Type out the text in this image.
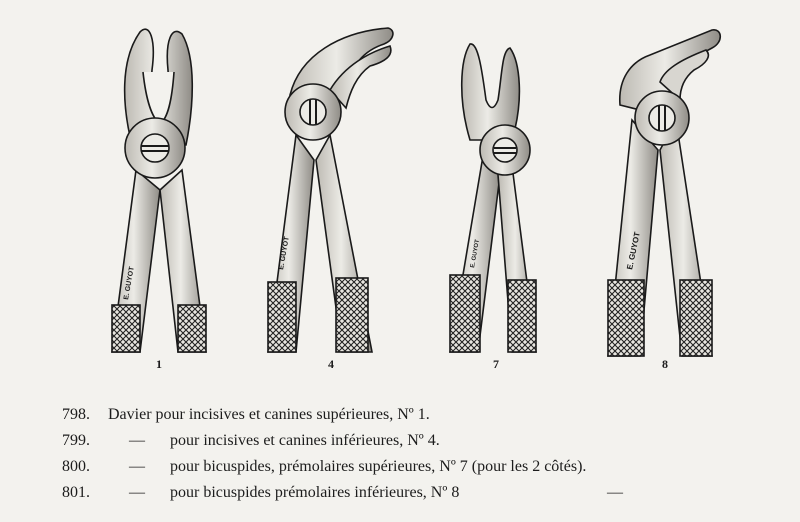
E. GUYOT
E. GUYOT	E. GUYOT	E. GUYOT
1	4	7	8
798. Davier pour incisives et canines supérieures, Nº 1.
799. — pour incisives et canines inférieures, Nº 4.
800. — pour bicuspides, prémolaires supérieures, Nº 7 (pour les 2 côtés).
801. — pour bicuspides prémolaires inférieures, Nº 8	—
